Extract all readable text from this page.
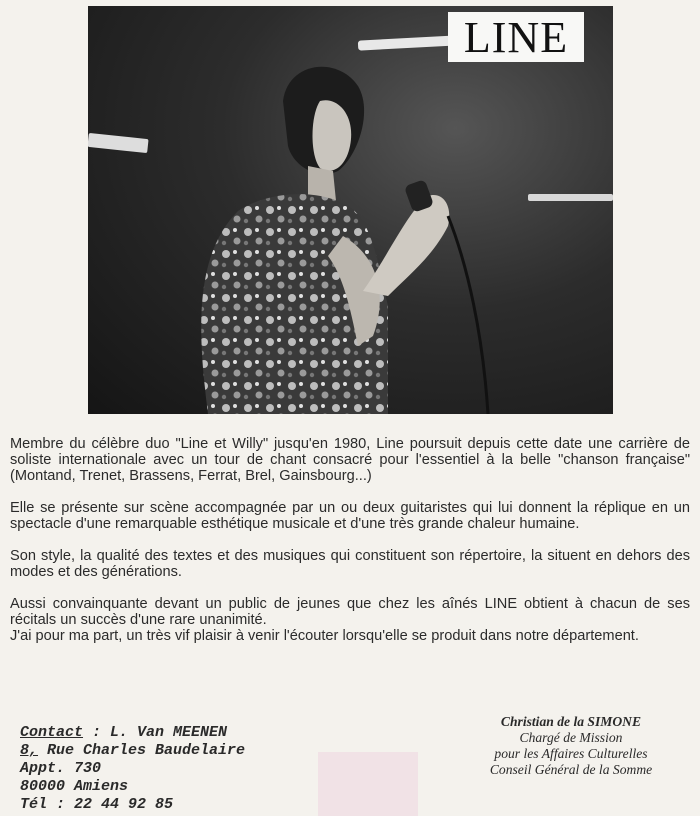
LINE

Membre du célèbre duo "Line et Willy" jusqu'en 1980, Line poursuit depuis cette date une carrière de soliste internationale avec un tour de chant consacré pour l'essentiel à la belle "chanson française" (Montand, Trenet, Brassens, Ferrat, Brel, Gainsbourg...)

Elle se présente sur scène accompagnée par un ou deux guitaristes qui lui donnent la réplique en un spectacle d'une remarquable esthétique musicale et d'une très grande chaleur humaine.

Son style, la qualité des textes et des musiques qui constituent son répertoire, la situent en dehors des modes et des générations.

Aussi convainquante devant un public de jeunes que chez les aînés LINE obtient à chacun de ses récitals un succès d'une rare unanimité.

J'ai pour ma part, un très vif plaisir à venir l'écouter lorsqu'elle se produit dans notre département.

Contact : L. Van MEENEN
8, Rue Charles Baudelaire
Appt. 730
80000 Amiens
Tél : 22 44 92 85
Christian de la SIMONE
Chargé de Mission
pour les Affaires Culturelles
Conseil Général de la Somme
